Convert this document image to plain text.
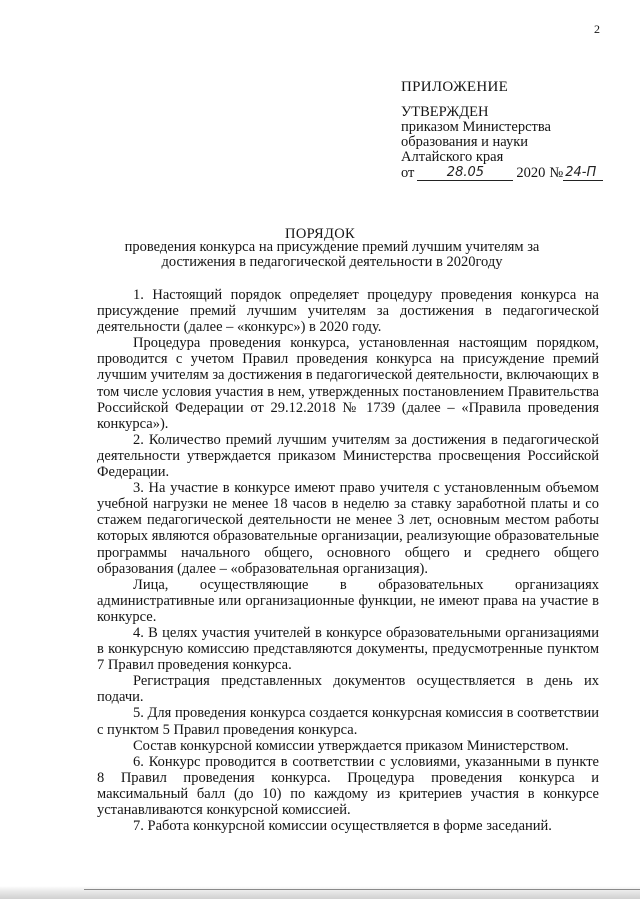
2
ПРИЛОЖЕНИЕ
УТВЕРЖДЕН
приказом Министерства
образования и науки
Алтайского края
от	28.05	2020 № 24-П
ПОРЯДОК
проведения конкурса на присуждение премий лучшим учителям за достижения в педагогической деятельности в 2020году

1. Настоящий порядок определяет процедуру проведения конкурса на присуждение премий лучшим учителям за достижения в педагогической деятельности (далее – «конкурс») в 2020 году.

Процедура проведения конкурса, установленная настоящим порядком, проводится с учетом Правил проведения конкурса на присуждение премий лучшим учителям за достижения в педагогической деятельности, включающих в том числе условия участия в нем, утвержденных постановлением Правительства Российской Федерации от 29.12.2018 № 1739 (далее – «Правила проведения конкурса»).

2. Количество премий лучшим учителям за достижения в педагогической деятельности утверждается приказом Министерства просвещения Российской Федерации.

3. На участие в конкурсе имеют право учителя с установленным объемом учебной нагрузки не менее 18 часов в неделю за ставку заработной платы и со стажем педагогической деятельности не менее 3 лет, основным местом работы которых являются образовательные организации, реализующие образовательные программы начального общего, основного общего и среднего общего образования (далее – «образовательная организация).

Лица, осуществляющие в образовательных организациях административные или организационные функции, не имеют права на участие в конкурсе.

4. В целях участия учителей в конкурсе образовательными организациями в конкурсную комиссию представляются документы, предусмотренные пунктом 7 Правил проведения конкурса.

Регистрация представленных документов осуществляется в день их подачи.

5. Для проведения конкурса создается конкурсная комиссия в соответствии с пунктом 5 Правил проведения конкурса.

Состав конкурсной комиссии утверждается приказом Министерством.

6. Конкурс проводится в соответствии с условиями, указанными в пункте 8 Правил проведения конкурса. Процедура проведения конкурса и максимальный балл (до 10) по каждому из критериев участия в конкурсе устанавливаются конкурсной комиссией.

7. Работа конкурсной комиссии осуществляется в форме заседаний.
